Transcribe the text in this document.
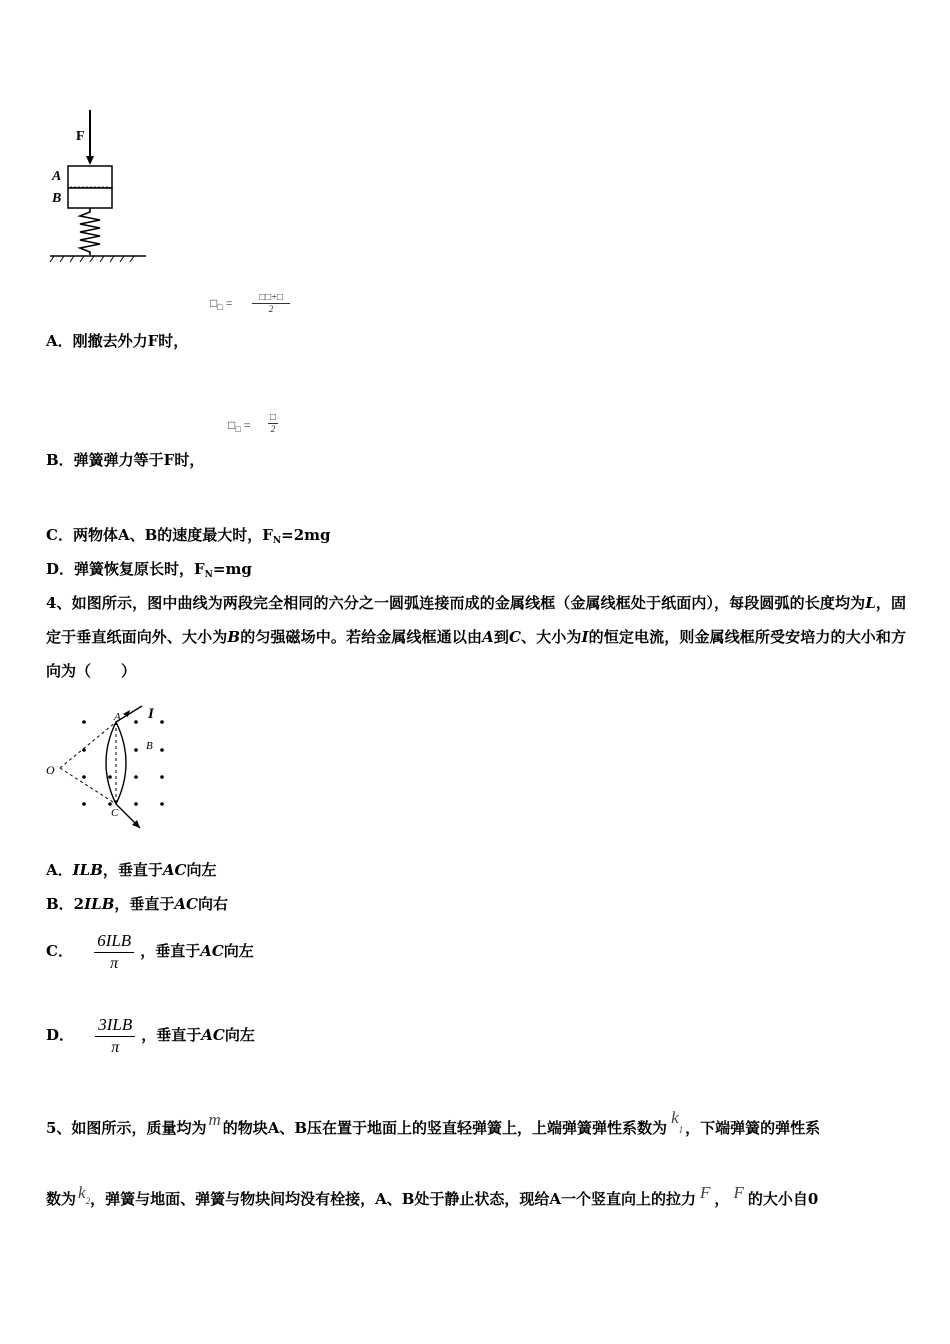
F
A
B
$□_□$ =	□□+□
2
A．刚撤去外力F时，
$□_□$ =
□
2
B．弹簧弹力等于F时，
C．两物体A、B的速度最大时，$F_N=2mg$
D．弹簧恢复原长时，$F_N=mg$
4、如图所示，图中曲线为两段完全相同的六分之一圆弧连接而成的金属线框（金属线框处于纸面内），每段圆弧的长度均为L，固定于垂直纸面向外、大小为B的匀强磁场中。若给金属线框通以由A到C、大小为I的恒定电流，则金属线框所受安培力的大小和方向为（　　）
A I
B
O
C
A．ILB，垂直于AC向左
B．2ILB，垂直于AC向右
C． $\frac{\text{6ILB}}{\pi}$ ，垂直于AC向左
D． $\frac{\text{3ILB}}{\pi}$ ，垂直于AC向左
5、如图所示，质量均为 m 的物块A、B压在置于地面上的竖直轻弹簧上，上端弹簧弹性系数为k1 ，下端弹簧的弹性系
数为 k2，弹簧与地面、弹簧与物块间均没有栓接，A、B处于静止状态，现给A一个竖直向上的拉力 F ， F 的大小自0
